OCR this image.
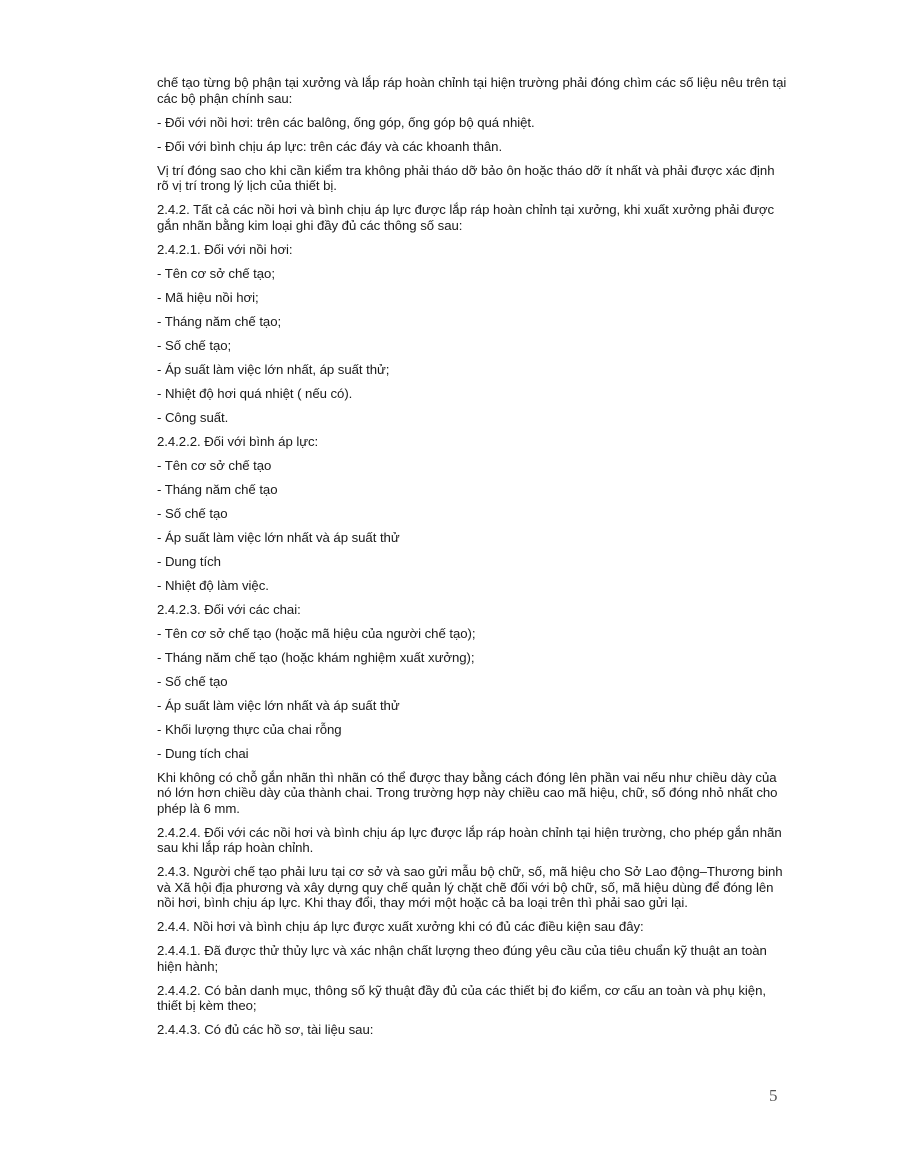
chế tạo từng bộ phận tại xưởng và lắp ráp hoàn chỉnh tại hiện trường phải đóng chìm các số liệu nêu trên tại các bộ phận chính sau:

- Đối với nồi hơi: trên các balông, ống góp, ống góp bộ quá nhiệt.

- Đối với bình chịu áp lực: trên các đáy và các khoanh thân.

Vị trí đóng sao cho khi cần kiểm tra không phải tháo dỡ bảo ôn hoặc tháo dỡ ít nhất và phải được xác định rõ vị trí trong lý lịch của thiết bị.

2.4.2. Tất cả các nồi hơi và bình chịu áp lực được lắp ráp hoàn chỉnh tại xưởng, khi xuất xưởng phải được gắn nhãn bằng kim loại ghi đầy đủ các thông số sau:

2.4.2.1. Đối với nồi hơi:

- Tên cơ sở chế tạo;

- Mã hiệu nồi hơi;

- Tháng năm chế tạo;

- Số chế tạo;

- Áp suất làm việc lớn nhất, áp suất thử;

- Nhiệt độ hơi quá nhiệt ( nếu có).

- Công suất.

2.4.2.2. Đối với bình áp lực:

- Tên cơ sở chế tạo

- Tháng năm chế tạo

- Số chế tạo

- Áp suất làm việc lớn nhất và áp suất thử

- Dung tích

- Nhiệt độ làm việc.

2.4.2.3. Đối với các chai:

- Tên cơ sở chế tạo (hoặc mã hiệu của người chế tạo);

- Tháng năm chế tạo (hoặc khám nghiệm xuất xưởng);

- Số chế tạo

- Áp suất làm việc lớn nhất và áp suất thử

- Khối lượng thực của chai rỗng

- Dung tích chai

Khi không có chỗ gắn nhãn thì nhãn có thể được thay bằng cách đóng lên phần vai nếu như chiều dày của nó lớn hơn chiều dày của thành chai. Trong trường hợp này chiều cao mã hiệu, chữ, số đóng nhỏ nhất cho phép là 6 mm.

2.4.2.4. Đối với các nồi hơi và bình chịu áp lực được lắp ráp hoàn chỉnh tại hiện trường, cho phép gắn nhãn sau khi lắp ráp hoàn chỉnh.

2.4.3. Người chế tạo phải lưu tại cơ sở và sao gửi mẫu bộ chữ, số, mã hiệu cho Sở Lao động–Thương binh và Xã hội địa phương và xây dựng quy chế quản lý chặt chẽ đối với bộ chữ, số, mã hiệu dùng để đóng lên nồi hơi, bình chịu áp lực. Khi thay đổi, thay mới một hoặc cả ba loại trên thì phải sao gửi lại.

2.4.4. Nồi hơi và bình chịu áp lực được xuất xưởng khi có đủ các điều kiện sau đây:

2.4.4.1. Đã được thử thủy lực và xác nhận chất lượng theo đúng yêu cầu của tiêu chuẩn kỹ thuật an toàn hiện hành;

2.4.4.2. Có bản danh mục, thông số kỹ thuật đầy đủ của các thiết bị đo kiểm, cơ cấu an toàn và phụ kiện, thiết bị kèm theo;

2.4.4.3. Có đủ các hồ sơ, tài liệu sau:

5
